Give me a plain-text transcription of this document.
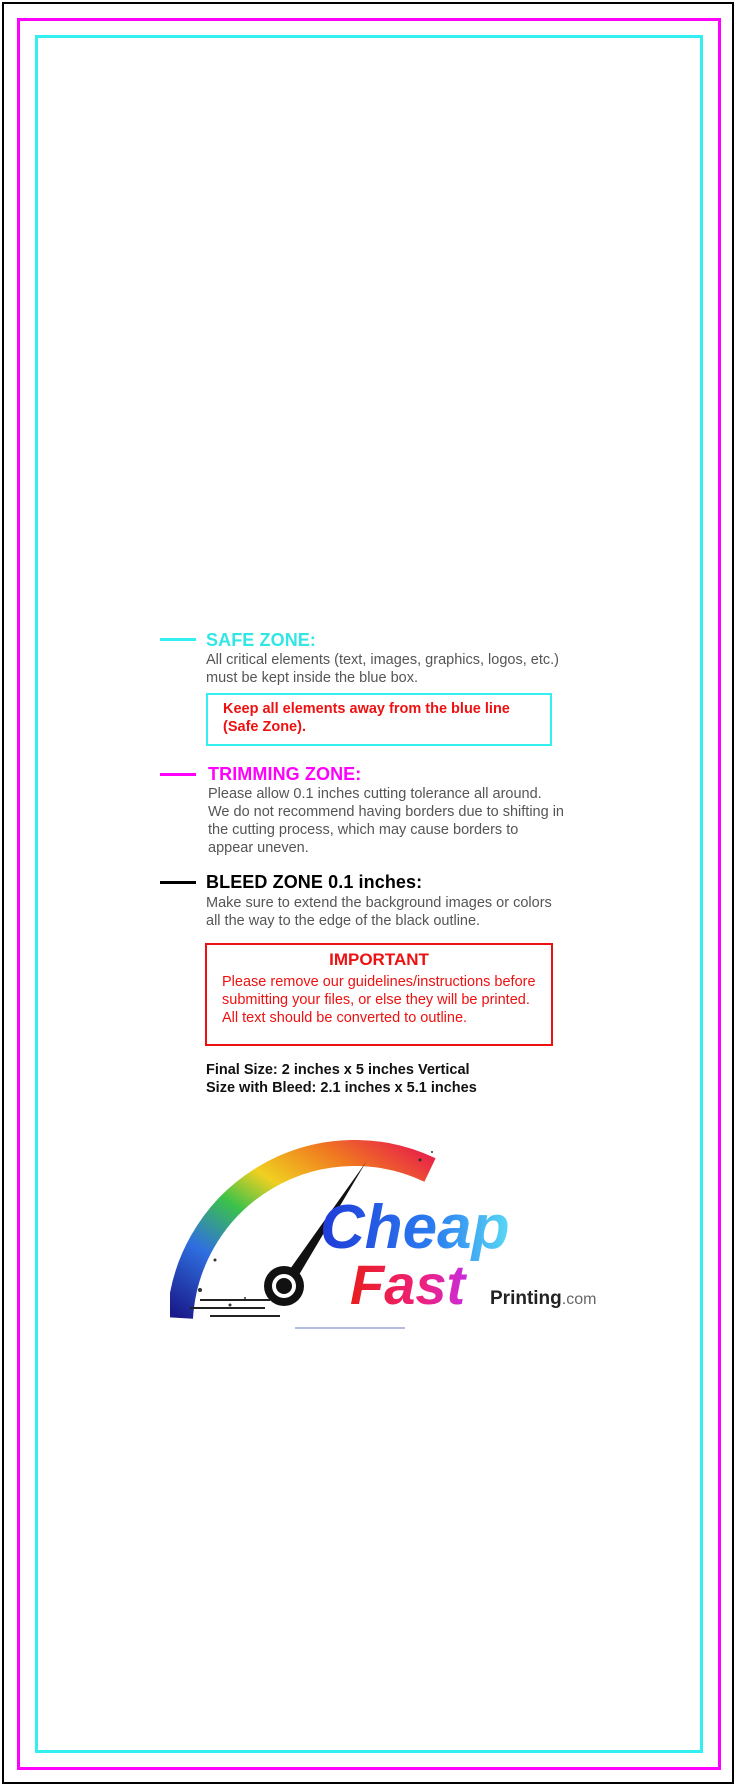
SAFE ZONE:
All critical elements (text, images, graphics, logos, etc.)
must be kept inside the blue box.
Keep all elements away from the blue line
(Safe Zone).
TRIMMING ZONE:
Please allow 0.1 inches cutting tolerance all around.
We do not recommend having borders due to shifting in
the cutting process, which may cause borders to
appear uneven.
BLEED ZONE 0.1 inches:
Make sure to extend the background images or colors
all the way to the edge of the black outline.
IMPORTANT
Please remove our guidelines/instructions before
submitting your files, or else they will be printed.
All text should be converted to outline.
Final Size: 2 inches x 5 inches Vertical
Size with Bleed: 2.1 inches x 5.1 inches
Cheap
Fast Printing.com
